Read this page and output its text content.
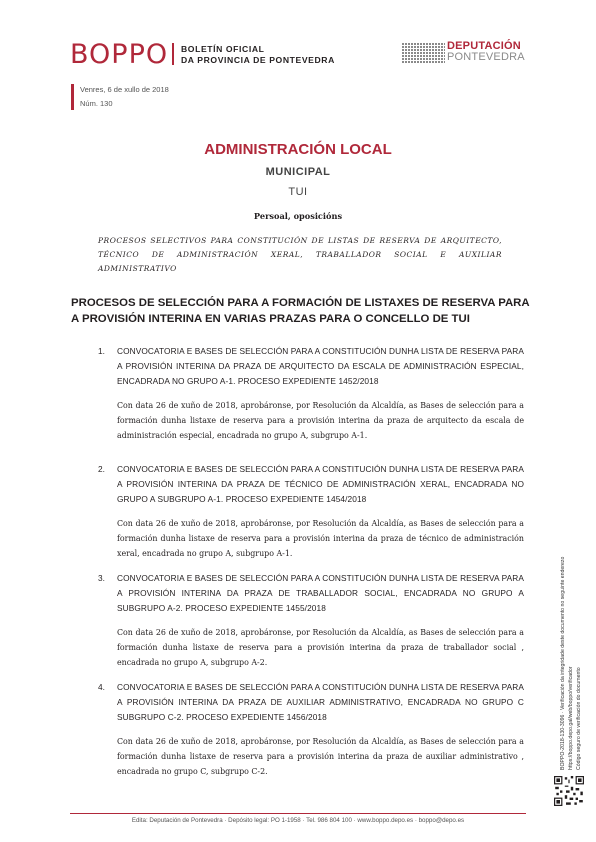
BOPPO BOLETÍN OFICIAL
DA PROVINCIA DE PONTEVEDRA
DEPUTACIÓN
PONTEVEDRA
Venres, 6 de xullo de 2018
Núm. 130
ADMINISTRACIÓN LOCAL
MUNICIPAL
TUI
Persoal, oposicións
PROCESOS SELECTIVOS PARA CONSTITUCIÓN DE LISTAS DE RESERVA DE ARQUITECTO, TÉCNICO DE ADMINISTRACIÓN XERAL, TRABALLADOR SOCIAL E AUXILIAR ADMINISTRATIVO
PROCESOS DE SELECCIÓN PARA A FORMACIÓN DE LISTAXES DE RESERVA PARA A PROVISIÓN INTERINA EN VARIAS PRAZAS PARA O CONCELLO DE TUI
1. CONVOCATORIA E BASES DE SELECCIÓN PARA A CONSTITUCIÓN DUNHA LISTA DE RESERVA PARA A PROVISIÓN INTERINA DA PRAZA DE ARQUITECTO DA ESCALA DE ADMINISTRACIÓN ESPECIAL, ENCADRADA NO GRUPO A-1. PROCESO EXPEDIENTE 1452/2018
Con data 26 de xuño de 2018, aprobáronse, por Resolución da Alcaldía, as Bases de selección para a formación dunha listaxe de reserva para a provisión interina da praza de arquitecto da escala de administración especial, encadrada no grupo A, subgrupo A-1.
2. CONVOCATORIA E BASES DE SELECCIÓN PARA A CONSTITUCIÓN DUNHA LISTA DE RESERVA PARA A PROVISIÓN INTERINA DA PRAZA DE TÉCNICO DE ADMINISTRACIÓN XERAL, ENCADRADA NO GRUPO A SUBGRUPO A-1. PROCESO EXPEDIENTE 1454/2018
Con data 26 de xuño de 2018, aprobáronse, por Resolución da Alcaldía, as Bases de selección para a formación dunha listaxe de reserva para a provisión interina da praza de técnico de administración xeral, encadrada no grupo A, subgrupo A-1.
3. CONVOCATORIA E BASES DE SELECCIÓN PARA A CONSTITUCIÓN DUNHA LISTA DE RESERVA PARA A PROVISIÓN INTERINA DA PRAZA DE TRABALLADOR SOCIAL, ENCADRADA NO GRUPO A SUBGRUPO A-2. PROCESO EXPEDIENTE 1455/2018
Con data 26 de xuño de 2018, aprobáronse, por Resolución da Alcaldía, as Bases de selección para a formación dunha listaxe de reserva para a provisión interina da praza de traballador social , encadrada no grupo A, subgrupo A-2.
4. CONVOCATORIA E BASES DE SELECCIÓN PARA A CONSTITUCIÓN DUNHA LISTA DE RESERVA PARA A PROVISIÓN INTERINA DA PRAZA DE AUXILIAR ADMINISTRATIVO, ENCADRADA NO GRUPO C SUBGRUPO C-2. PROCESO EXPEDIENTE 1456/2018
Con data 26 de xuño de 2018, aprobáronse, por Resolución da Alcaldía, as Bases de selección para a formación dunha listaxe de reserva para a provisión interina da praza de auxiliar administrativo , encadrada no grupo C, subgrupo C-2.
BOPPO-2018-130-3096 · Verificación da integridade deste documento no seguinte enderezo https://boppo.depo.gal/web/boppo/verificador Código seguro de verificación do documento
Edita: Deputación de Pontevedra · Depósito legal: PO 1-1958 · Tel. 986 804 100 · www.boppo.depo.es · boppo@depo.es
